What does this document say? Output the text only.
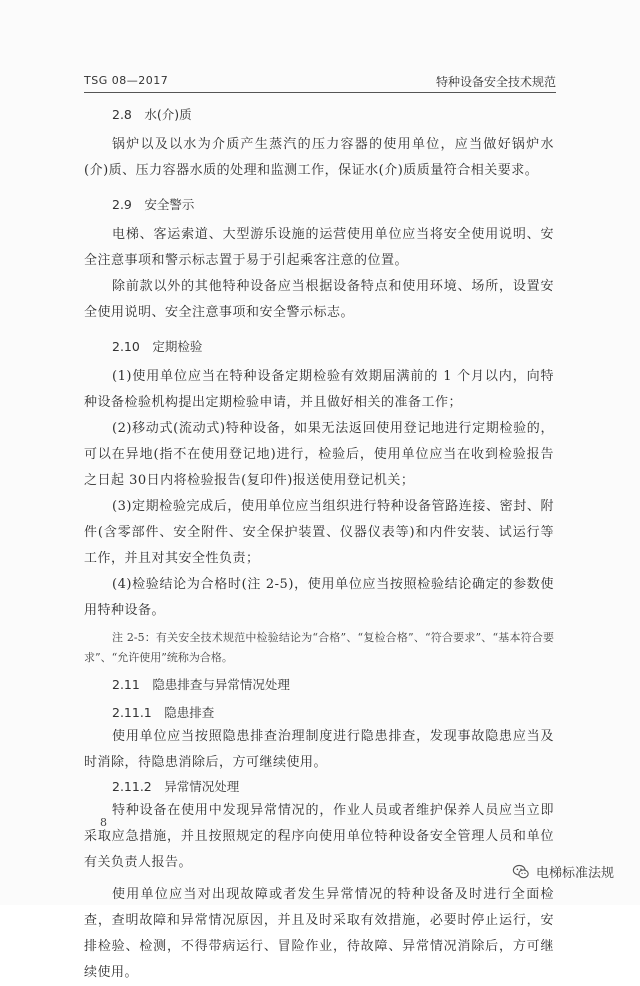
TSG 08—2017	特种设备安全技术规范
2.8　水(介)质

锅炉以及以水为介质产生蒸汽的压力容器的使用单位，应当做好锅炉水(介)质、压力容器水质的处理和监测工作，保证水(介)质质量符合相关要求。

2.9　安全警示

电梯、客运索道、大型游乐设施的运营使用单位应当将安全使用说明、安全注意事项和警示标志置于易于引起乘客注意的位置。

除前款以外的其他特种设备应当根据设备特点和使用环境、场所，设置安全使用说明、安全注意事项和安全警示标志。

2.10　定期检验

(1)使用单位应当在特种设备定期检验有效期届满前的 1 个月以内，向特种设备检验机构提出定期检验申请，并且做好相关的准备工作；

(2)移动式(流动式)特种设备，如果无法返回使用登记地进行定期检验的，可以在异地(指不在使用登记地)进行，检验后，使用单位应当在收到检验报告之日起 30日内将检验报告(复印件)报送使用登记机关；

(3)定期检验完成后，使用单位应当组织进行特种设备管路连接、密封、附件(含零部件、安全附件、安全保护装置、仪器仪表等)和内件安装、试运行等工作，并且对其安全性负责；

(4)检验结论为合格时(注 2-5)，使用单位应当按照检验结论确定的参数使用特种设备。

注 2-5：有关安全技术规范中检验结论为“合格”、“复检合格”、“符合要求”、“基本符合要求”、“允许使用”统称为合格。

2.11　隐患排查与异常情况处理
2.11.1　隐患排查

使用单位应当按照隐患排查治理制度进行隐患排查，发现事故隐患应当及时消除，待隐患消除后，方可继续使用。

2.11.2　异常情况处理

特种设备在使用中发现异常情况的，作业人员或者维护保养人员应当立即采取应急措施，并且按照规定的程序向使用单位特种设备安全管理人员和单位有关负责人报告。

使用单位应当对出现故障或者发生异常情况的特种设备及时进行全面检查，查明故障和异常情况原因，并且及时采取有效措施，必要时停止运行，安排检验、检测，不得带病运行、冒险作业，待故障、异常情况消除后，方可继续使用。

8
电梯标准法规
